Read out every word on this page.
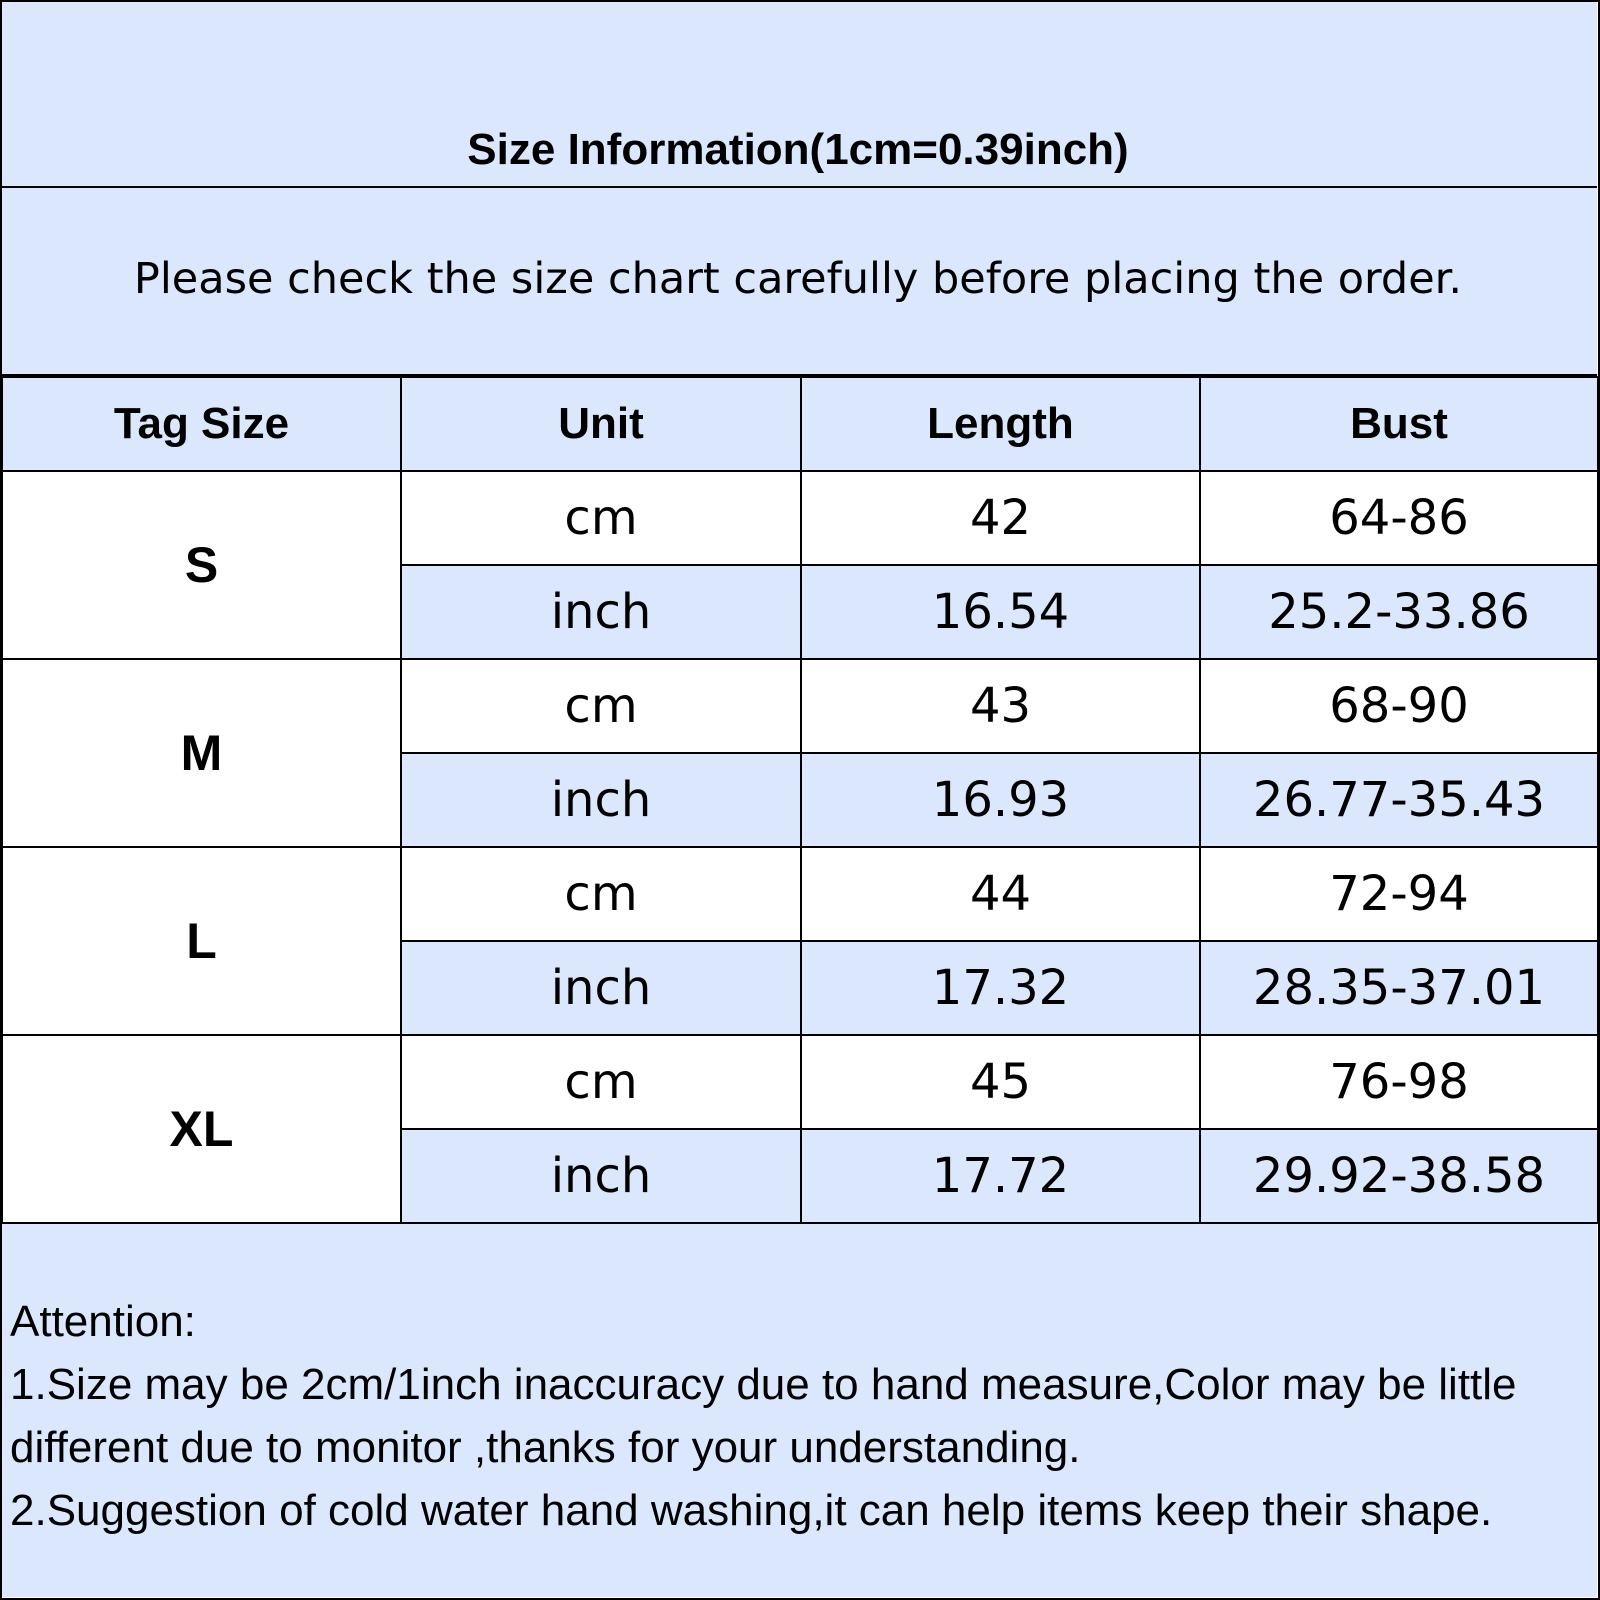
Size Information(1cm=0.39inch)
Please check the size chart carefully before placing the order.
Tag Size	Unit	Length	Bust
S	cm	42	64-86
	inch	16.54	25.2-33.86
M	cm	43	68-90
	inch	16.93	26.77-35.43
L	cm	44	72-94
	inch	17.32	28.35-37.01
XL	cm	45	76-98
	inch	17.72	29.92-38.58
Attention:
1.Size may be 2cm/1inch inaccuracy due to hand measure,Color may be little different due to monitor ,thanks for your understanding.
2.Suggestion of cold water hand washing,it can help items keep their shape.
